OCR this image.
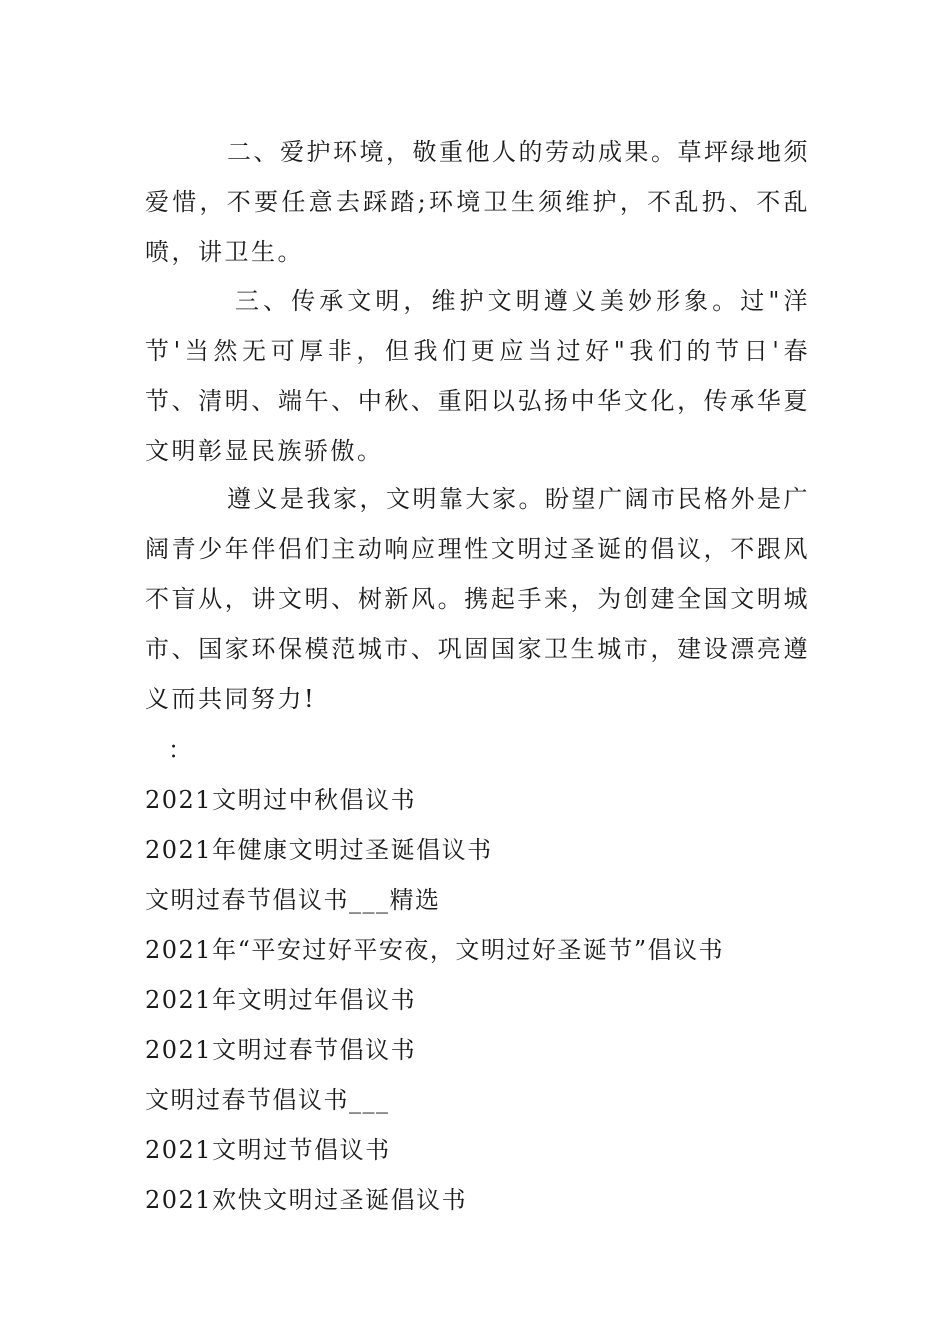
二、爱护环境，敬重他人的劳动成果。草坪绿地须爱惜，不要任意去踩踏;环境卫生须维护，不乱扔、不乱喷，讲卫生。

三、传承文明，维护文明遵义美妙形象。过"洋节'当然无可厚非，但我们更应当过好"我们的节日'春节、清明、端午、中秋、重阳以弘扬中华文化，传承华夏文明彰显民族骄傲。

遵义是我家，文明靠大家。盼望广阔市民格外是广阔青少年伴侣们主动响应理性文明过圣诞的倡议，不跟风不盲从，讲文明、树新风。携起手来，为创建全国文明城市、国家环保模范城市、巩固国家卫生城市，建设漂亮遵义而共同努力!

：

2021文明过中秋倡议书
2021年健康文明过圣诞倡议书
文明过春节倡议书___精选
2021年“平安过好平安夜，文明过好圣诞节”倡议书
2021年文明过年倡议书
2021文明过春节倡议书
文明过春节倡议书___
2021文明过节倡议书
2021欢快文明过圣诞倡议书
